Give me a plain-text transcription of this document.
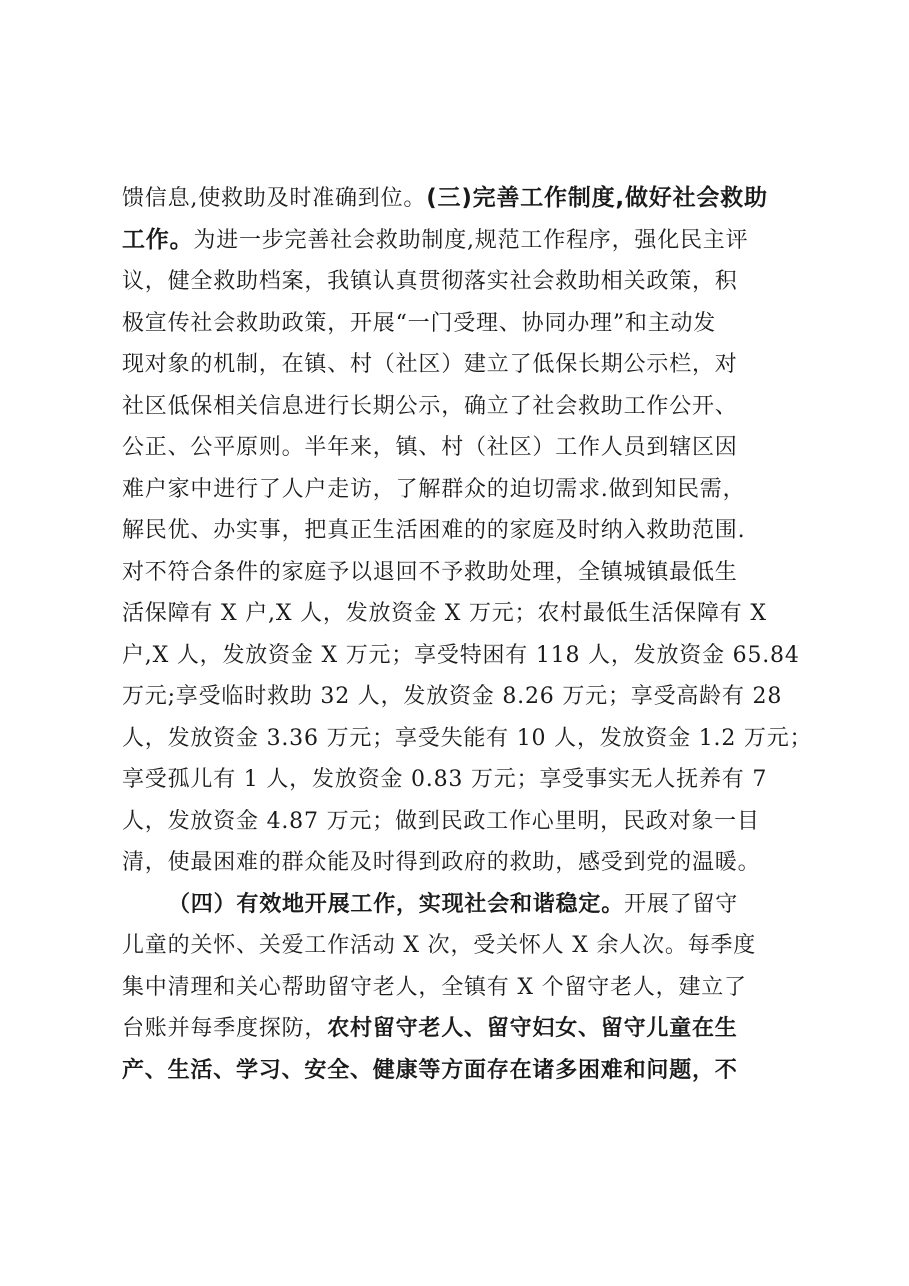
馈信息,使救助及时准确到位。(三)完善工作制度,做好社会救助
工作。为进一步完善社会救助制度,规范工作程序，强化民主评
议，健全救助档案，我镇认真贯彻落实社会救助相关政策，积
极宣传社会救助政策，开展“一门受理、协同办理”和主动发
现对象的机制，在镇、村（社区）建立了低保长期公示栏，对
社区低保相关信息进行长期公示，确立了社会救助工作公开、
公正、公平原则。半年来，镇、村（社区）工作人员到辖区因
难户家中进行了人户走访，了解群众的迫切需求.做到知民需，
解民优、办实事，把真正生活困难的的家庭及时纳入救助范围.
对不符合条件的家庭予以退回不予救助处理，全镇城镇最低生
活保障有 X 户,X 人，发放资金 X 万元；农村最低生活保障有 X
户,X 人，发放资金 X 万元；享受特困有 118 人，发放资金 65.84
万元;享受临时救助 32 人，发放资金 8.26 万元；享受高龄有 28
人，发放资金 3.36 万元；享受失能有 10 人，发放资金 1.2 万元；
享受孤儿有 1 人，发放资金 0.83 万元；享受事实无人抚养有 7
人，发放资金 4.87 万元；做到民政工作心里明，民政对象一目
清，使最困难的群众能及时得到政府的救助，感受到党的温暖。
（四）有效地开展工作，实现社会和谐稳定。开展了留守
儿童的关怀、关爱工作活动 X 次，受关怀人 X 余人次。每季度
集中清理和关心帮助留守老人，全镇有 X 个留守老人，建立了
台账并每季度探防，农村留守老人、留守妇女、留守儿童在生
产、生活、学习、安全、健康等方面存在诸多困难和问题，不
